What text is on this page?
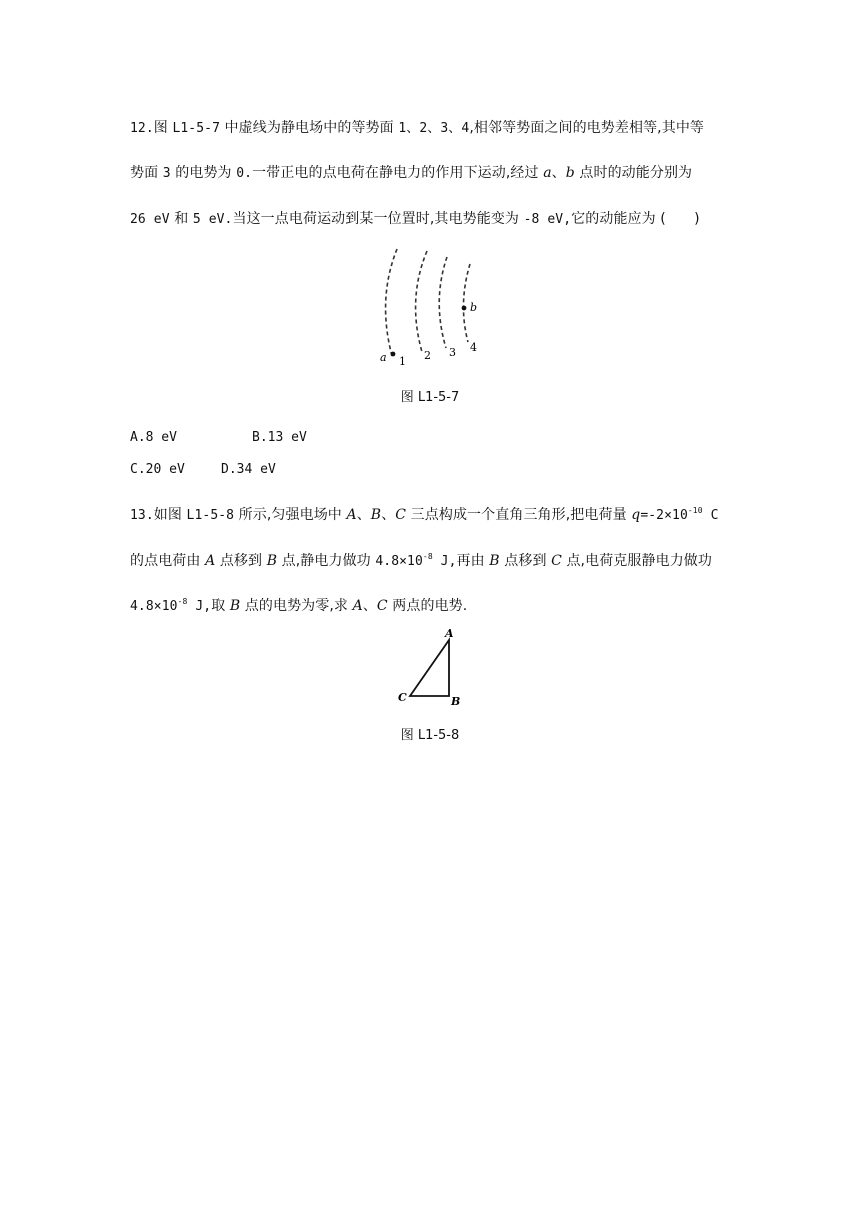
12.图 L1-5-7 中虚线为静电场中的等势面 1、2、3、4,相邻等势面之间的电势差相等,其中等
势面 3 的电势为 0.一带正电的点电荷在静电力的作用下运动,经过 a、b 点时的动能分别为
26 eV 和 5 eV.当这一点电荷运动到某一位置时,其电势能变为 -8 eV,它的动能应为 (　　)
a
b
1 2 3 4
图 L1-5-7
A.8 eV	B.13 eV
C.20 eV	D.34 eV
13.如图 L1-5-8 所示,匀强电场中 A、B、C 三点构成一个直角三角形,把电荷量 $q=-2\times 10^{-10}$ C
的点电荷由 A 点移到 B 点,静电力做功 $4.8\times 10^{-8}$ J,再由 B 点移到 C 点,电荷克服静电力做功
$4.8\times 10^{-8}$ J,取 B 点的电势为零,求 A、C 两点的电势.
A
B
C
图 L1-5-8
